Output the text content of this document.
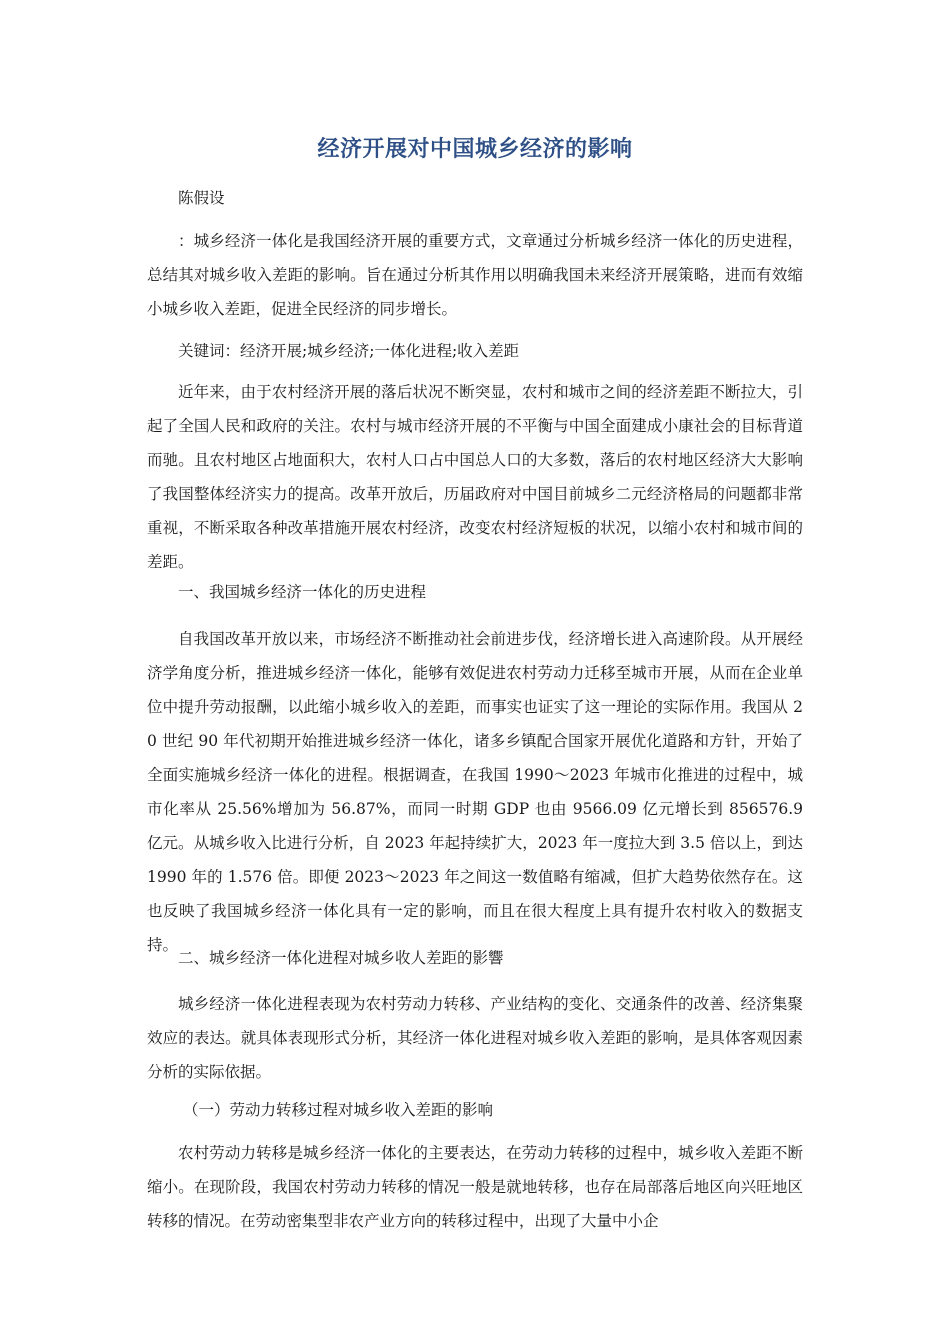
经济开展对中国城乡经济的影响

陈假设

：城乡经济一体化是我国经济开展的重要方式，文章通过分析城乡经济一体化的历史进程，总结其对城乡收入差距的影响。旨在通过分析其作用以明确我国未来经济开展策略，进而有效缩小城乡收入差距，促进全民经济的同步增长。

关键词：经济开展;城乡经济;一体化进程;收入差距

近年来，由于农村经济开展的落后状况不断突显，农村和城市之间的经济差距不断拉大，引起了全国人民和政府的关注。农村与城市经济开展的不平衡与中国全面建成小康社会的目标背道而驰。且农村地区占地面积大，农村人口占中国总人口的大多数，落后的农村地区经济大大影响了我国整体经济实力的提高。改革开放后，历届政府对中国目前城乡二元经济格局的问题都非常重视，不断采取各种改革措施开展农村经济，改变农村经济短板的状况，以缩小农村和城市间的差距。

一、我国城乡经济一体化的历史进程

自我国改革开放以来，市场经济不断推动社会前进步伐，经济增长进入高速阶段。从开展经济学角度分析，推进城乡经济一体化，能够有效促进农村劳动力迁移至城市开展，从而在企业单位中提升劳动报酬，以此缩小城乡收入的差距，而事实也证实了这一理论的实际作用。我国从 20 世纪 90 年代初期开始推进城乡经济一体化，诸多乡镇配合国家开展优化道路和方针，开始了全面实施城乡经济一体化的进程。根据调查，在我国 1990～2023 年城市化推进的过程中，城市化率从 25.56%增加为 56.87%，而同一时期 GDP 也由 9566.09 亿元增长到 856576.9 亿元。从城乡收入比进行分析，自 2023 年起持续扩大，2023 年一度拉大到 3.5 倍以上，到达 1990 年的 1.576 倍。即便 2023～2023 年之间这一数值略有缩减，但扩大趋势依然存在。这也反映了我国城乡经济一体化具有一定的影响，而且在很大程度上具有提升农村收入的数据支持。

二、城乡经济一体化进程对城乡收人差距的影響

城乡经济一体化进程表现为农村劳动力转移、产业结构的变化、交通条件的改善、经济集聚效应的表达。就具体表现形式分析，其经济一体化进程对城乡收入差距的影响，是具体客观因素分析的实际依据。

（一）劳动力转移过程对城乡收入差距的影响

农村劳动力转移是城乡经济一体化的主要表达，在劳动力转移的过程中，城乡收入差距不断缩小。在现阶段，我国农村劳动力转移的情况一般是就地转移，也存在局部落后地区向兴旺地区转移的情况。在劳动密集型非农产业方向的转移过程中，出现了大量中小企
